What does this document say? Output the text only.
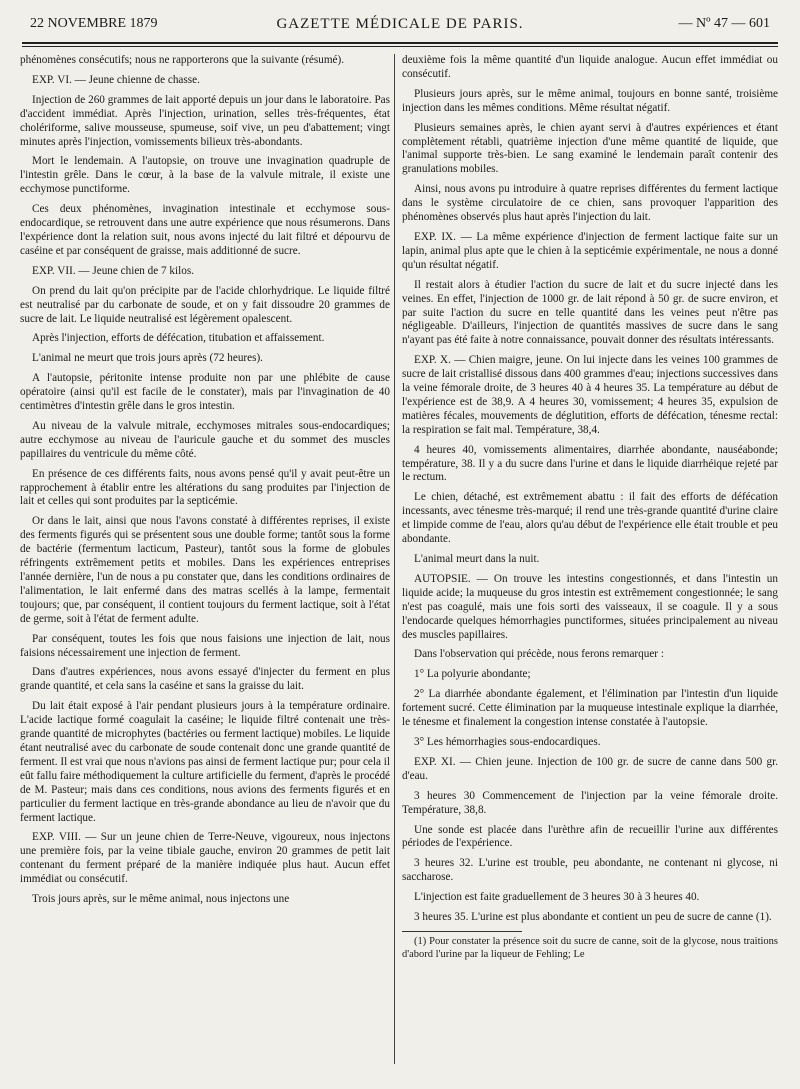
22 NOVEMBRE 1879	GAZETTE MÉDICALE DE PARIS.	— Nº 47 — 601

phénomènes consécutifs; nous ne rapporterons que la suivante (résumé).

EXP. VI. — Jeune chienne de chasse.

Injection de 260 grammes de lait apporté depuis un jour dans le laboratoire. Pas d'accident immédiat. Après l'injection, urination, selles très-fréquentes, état cholériforme, salive mousseuse, spumeuse, soif vive, un peu d'abattement; vingt minutes après l'injection, vomissements bilieux très-abondants.

Mort le lendemain. A l'autopsie, on trouve une invagination quadruple de l'intestin grêle. Dans le cœur, à la base de la valvule mitrale, il existe une ecchymose punctiforme.

Ces deux phénomènes, invagination intestinale et ecchymose sous-endocardique, se retrouvent dans une autre expérience que nous résumerons. Dans l'expérience dont la relation suit, nous avons injecté du lait filtré et dépourvu de caséine et par conséquent de graisse, mais additionné de sucre.

EXP. VII. — Jeune chien de 7 kilos.

On prend du lait qu'on précipite par de l'acide chlorhydrique. Le liquide filtré est neutralisé par du carbonate de soude, et on y fait dissoudre 20 grammes de sucre de lait. Le liquide neutralisé est légèrement opalescent.

Après l'injection, efforts de défécation, titubation et affaissement.

L'animal ne meurt que trois jours après (72 heures).

A l'autopsie, péritonite intense produite non par une phlébite de cause opératoire (ainsi qu'il est facile de le constater), mais par l'invagination de 40 centimètres d'intestin grêle dans le gros intestin.

Au niveau de la valvule mitrale, ecchymoses mitrales sous-endocardiques; autre ecchymose au niveau de l'auricule gauche et du sommet des muscles papillaires du ventricule du même côté.

En présence de ces différents faits, nous avons pensé qu'il y avait peut-être un rapprochement à établir entre les altérations du sang produites par l'injection de lait et celles qui sont produites par la septicémie.

Or dans le lait, ainsi que nous l'avons constaté à différentes reprises, il existe des ferments figurés qui se présentent sous une double forme; tantôt sous la forme de bactérie (fermentum lacticum, Pasteur), tantôt sous la forme de globules réfringents extrêmement petits et mobiles. Dans les expériences entreprises l'année dernière, l'un de nous a pu constater que, dans les conditions ordinaires de l'alimentation, le lait enfermé dans des matras scellés à la lampe, fermentait toujours; que, par conséquent, il contient toujours du ferment lactique, soit à l'état de germe, soit à l'état de ferment adulte.

Par conséquent, toutes les fois que nous faisions une injection de lait, nous faisions nécessairement une injection de ferment.

Dans d'autres expériences, nous avons essayé d'injecter du ferment en plus grande quantité, et cela sans la caséine et sans la graisse du lait.

Du lait était exposé à l'air pendant plusieurs jours à la température ordinaire. L'acide lactique formé coagulait la caséine; le liquide filtré contenait une très-grande quantité de microphytes (bactéries ou ferment lactique) mobiles. Le liquide étant neutralisé avec du carbonate de soude contenait donc une grande quantité de ferment. Il est vrai que nous n'avions pas ainsi de ferment lactique pur; pour cela il eût fallu faire méthodiquement la culture artificielle du ferment, d'après le procédé de M. Pasteur; mais dans ces conditions, nous avions des ferments figurés et en particulier du ferment lactique en très-grande abondance au lieu de n'avoir que du ferment lactique.

EXP. VIII. — Sur un jeune chien de Terre-Neuve, vigoureux, nous injectons une première fois, par la veine tibiale gauche, environ 20 grammes de petit lait contenant du ferment préparé de la manière indiquée plus haut. Aucun effet immédiat ou consécutif.

Trois jours après, sur le même animal, nous injectons une

deuxième fois la même quantité d'un liquide analogue. Aucun effet immédiat ou consécutif.

Plusieurs jours après, sur le même animal, toujours en bonne santé, troisième injection dans les mêmes conditions. Même résultat négatif.

Plusieurs semaines après, le chien ayant servi à d'autres expériences et étant complètement rétabli, quatrième injection d'une même quantité de liquide, que l'animal supporte très-bien. Le sang examiné le lendemain paraît contenir des granulations mobiles.

Ainsi, nous avons pu introduire à quatre reprises différentes du ferment lactique dans le système circulatoire de ce chien, sans provoquer l'apparition des phénomènes observés plus haut après l'injection du lait.

EXP. IX. — La même expérience d'injection de ferment lactique faite sur un lapin, animal plus apte que le chien à la septicémie expérimentale, ne nous a donné qu'un résultat négatif.

Il restait alors à étudier l'action du sucre de lait et du sucre injecté dans les veines. En effet, l'injection de 1000 gr. de lait répond à 50 gr. de sucre environ, et par suite l'action du sucre en telle quantité dans les veines peut n'être pas négligeable. D'ailleurs, l'injection de quantités massives de sucre dans le sang n'ayant pas été faite à notre connaissance, pouvait donner des résultats intéressants.

EXP. X. — Chien maigre, jeune. On lui injecte dans les veines 100 grammes de sucre de lait cristallisé dissous dans 400 grammes d'eau; injections successives dans la veine fémorale droite, de 3 heures 40 à 4 heures 35. La température au début de l'expérience est de 38,9. A 4 heures 30, vomissement; 4 heures 35, expulsion de matières fécales, mouvements de déglutition, efforts de défécation, ténesme rectal: la respiration se fait mal. Température, 38,4.

4 heures 40, vomissements alimentaires, diarrhée abondante, nauséabonde; température, 38. Il y a du sucre dans l'urine et dans le liquide diarrhéique rejeté par le rectum.

Le chien, détaché, est extrêmement abattu : il fait des efforts de défécation incessants, avec ténesme très-marqué; il rend une très-grande quantité d'urine claire et limpide comme de l'eau, alors qu'au début de l'expérience elle était trouble et peu abondante.

L'animal meurt dans la nuit.

AUTOPSIE. — On trouve les intestins congestionnés, et dans l'intestin un liquide acide; la muqueuse du gros intestin est extrêmement congestionnée; le sang n'est pas coagulé, mais une fois sorti des vaisseaux, il se coagule. Il y a sous l'endocarde quelques hémorrhagies punctiformes, situées principalement au niveau des muscles papillaires.

Dans l'observation qui précède, nous ferons remarquer :

1° La polyurie abondante;

2° La diarrhée abondante également, et l'élimination par l'intestin d'un liquide fortement sucré. Cette élimination par la muqueuse intestinale explique la diarrhée, le ténesme et finalement la congestion intense constatée à l'autopsie.

3° Les hémorrhagies sous-endocardiques.

EXP. XI. — Chien jeune. Injection de 100 gr. de sucre de canne dans 500 gr. d'eau.

3 heures 30 Commencement de l'injection par la veine fémorale droite. Température, 38,8.

Une sonde est placée dans l'urèthre afin de recueillir l'urine aux différentes périodes de l'expérience.

3 heures 32. L'urine est trouble, peu abondante, ne contenant ni glycose, ni saccharose.

L'injection est faite graduellement de 3 heures 30 à 3 heures 40.

3 heures 35. L'urine est plus abondante et contient un peu de sucre de canne (1).

(1) Pour constater la présence soit du sucre de canne, soit de la glycose, nous traitions d'abord l'urine par la liqueur de Fehling; Le
